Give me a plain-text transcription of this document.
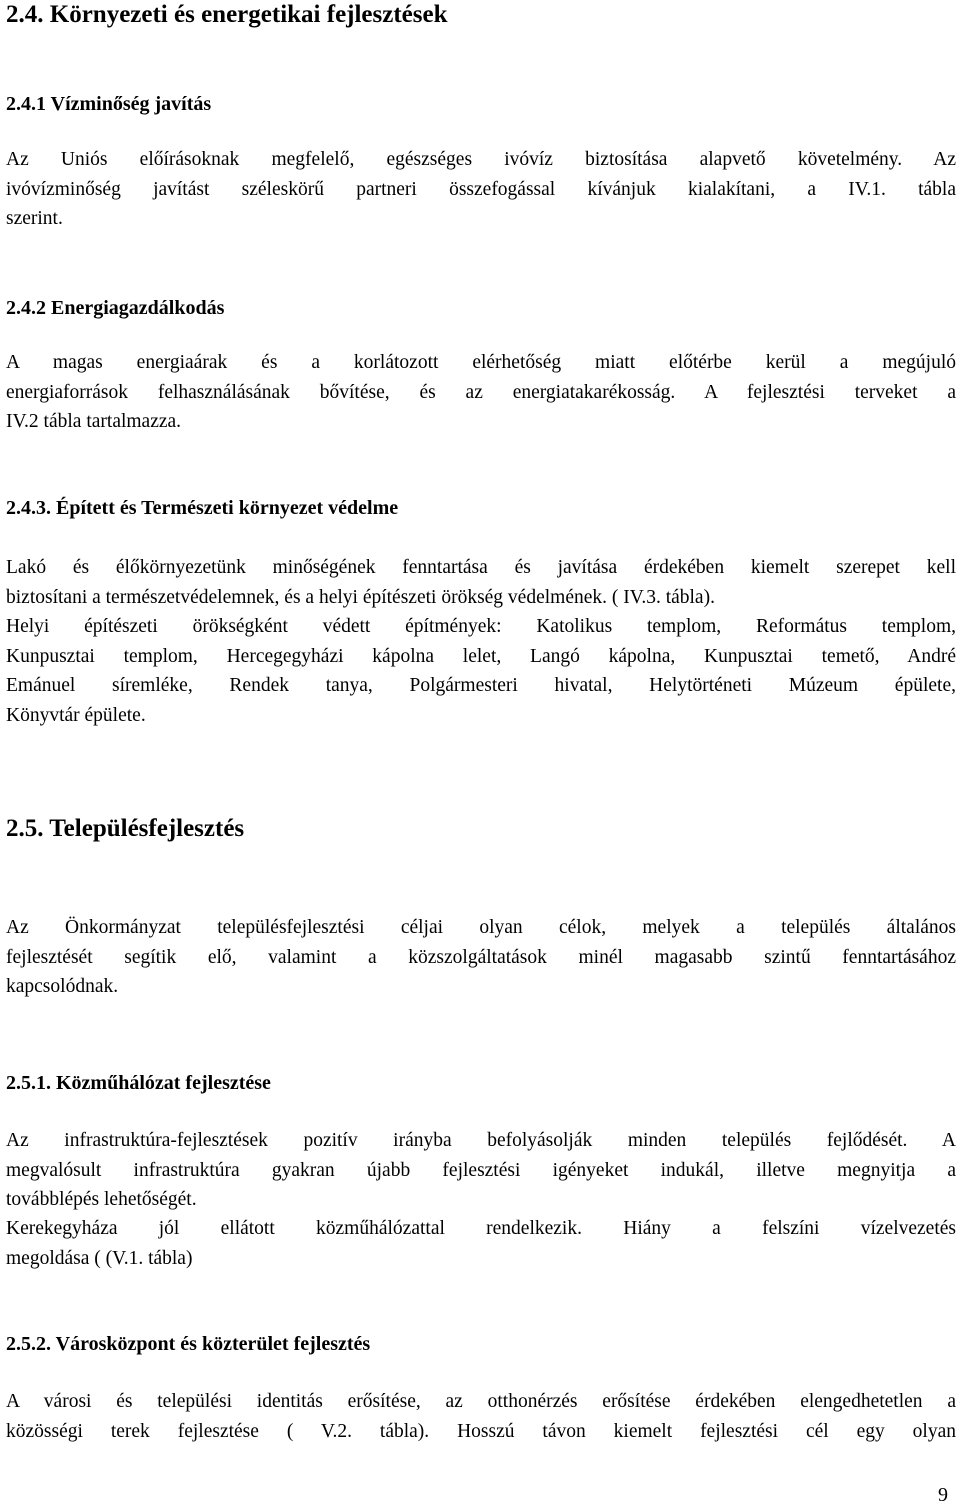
2.4. Környezeti és energetikai fejlesztések
2.4.1 Vízminőség javítás

Az Uniós előírásoknak megfelelő, egészséges ivóvíz biztosítása alapvető követelmény. Az
ivóvízminőség javítást széleskörű partneri összefogással kívánjuk kialakítani, a IV.1. tábla
szerint.

2.4.2 Energiagazdálkodás

A magas energiaárak és a korlátozott elérhetőség miatt előtérbe kerül a megújuló
energiaforrások felhasználásának bővítése, és az energiatakarékosság. A fejlesztési terveket a
IV.2 tábla tartalmazza.

2.4.3. Épített és Természeti környezet védelme

Lakó és élőkörnyezetünk minőségének fenntartása és javítása érdekében kiemelt szerepet kell
biztosítani a természetvédelemnek, és a helyi építészeti örökség védelmének. ( IV.3. tábla).

Helyi építészeti örökségként védett építmények: Katolikus templom, Református templom,
Kunpusztai templom, Hercegegyházi kápolna lelet, Langó kápolna, Kunpusztai temető, André
Emánuel síremléke, Rendek tanya, Polgármesteri hivatal, Helytörténeti Múzeum épülete,
Könyvtár épülete.

2.5. Településfejlesztés

Az Önkormányzat településfejlesztési céljai olyan célok, melyek a település általános
fejlesztését segítik elő, valamint a közszolgáltatások minél magasabb szintű fenntartásához
kapcsolódnak.

2.5.1. Közműhálózat fejlesztése

Az infrastruktúra-fejlesztések pozitív irányba befolyásolják minden település fejlődését. A
megvalósult infrastruktúra gyakran újabb fejlesztési igényeket indukál, illetve megnyitja a
továbblépés lehetőségét.

Kerekegyháza jól ellátott közműhálózattal rendelkezik. Hiány a felszíni vízelvezetés
megoldása ( (V.1. tábla)

2.5.2. Városközpont és közterület fejlesztés

A városi és települési identitás erősítése, az otthonérzés erősítése érdekében elengedhetetlen a
közösségi terek fejlesztése ( V.2. tábla). Hosszú távon kiemelt fejlesztési cél egy olyan

9
